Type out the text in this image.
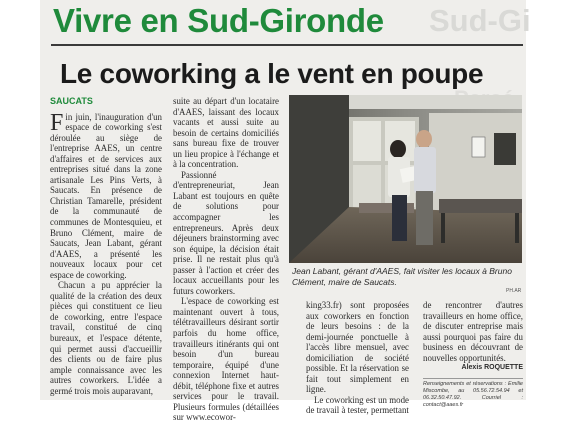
Vivre en Sud-Gironde Sud-Gi
Le coworking a le vent en poupe
SAUCATS

Fin juin, l'inauguration d'un espace de coworking s'est déroulée au siège de l'entreprise AAES, un centre d'affaires et de services aux entreprises situé dans la zone artisanale Les Pins Verts, à Saucats. En présence de Christian Tamarelle, président de la communauté de communes de Montesquieu, et Bruno Clément, maire de Saucats, Jean Labant, gérant d'AAES, a présenté les nouveaux locaux pour cet espace de coworking.

Chacun a pu apprécier la qualité de la création des deux pièces qui constituent ce lieu de coworking, entre l'espace travail, constitué de cinq bureaux, et l'espace détente, qui permet aussi d'accueillir des clients ou de faire plus ample connaissance avec les autres coworkers. L'idée a germé trois mois auparavant,

suite au départ d'un locataire d'AAES, laissant des locaux vacants et aussi suite au besoin de certains domiciliés sans bureau fixe de trouver un lieu propice à l'échange et à la concentration.

Passionné d'entrepreneuriat, Jean Labant est toujours en quête de solutions pour accompagner les entrepreneurs. Après deux déjeuners brainstorming avec son équipe, la décision était prise. Il ne restait plus qu'à passer à l'action et créer des locaux accueillants pour les futurs coworkers.

L'espace de coworking est maintenant ouvert à tous, télétravailleurs désirant sortir parfois du home office, travailleurs itinérants qui ont besoin d'un bureau temporaire, équipé d'une connexion Internet haut-débit, téléphone fixe et autres services pour le travail. Plusieurs formules (détaillées sur www.ecowor-

Jean Labant, gérant d'AAES, fait visiter les locaux à Bruno Clément, maire de Saucats.
PH.AR

king33.fr) sont proposées aux coworkers en fonction de leurs besoins : de la demi-journée ponctuelle à l'accès libre mensuel, avec domiciliation de société possible. Et la réservation se fait tout simplement en ligne.

Le coworking est un mode de travail à tester, permettant

de rencontrer d'autres travailleurs en home office, de discuter entreprise mais aussi pourquoi pas faire du business en découvrant de nouvelles opportunités.

Alexis ROQUETTE

Renseignements et réservations : Emilie Miscombe, au 05.56.72.54.94 et 06.32.50.47.92. Courriel : contact@aaes.fr
